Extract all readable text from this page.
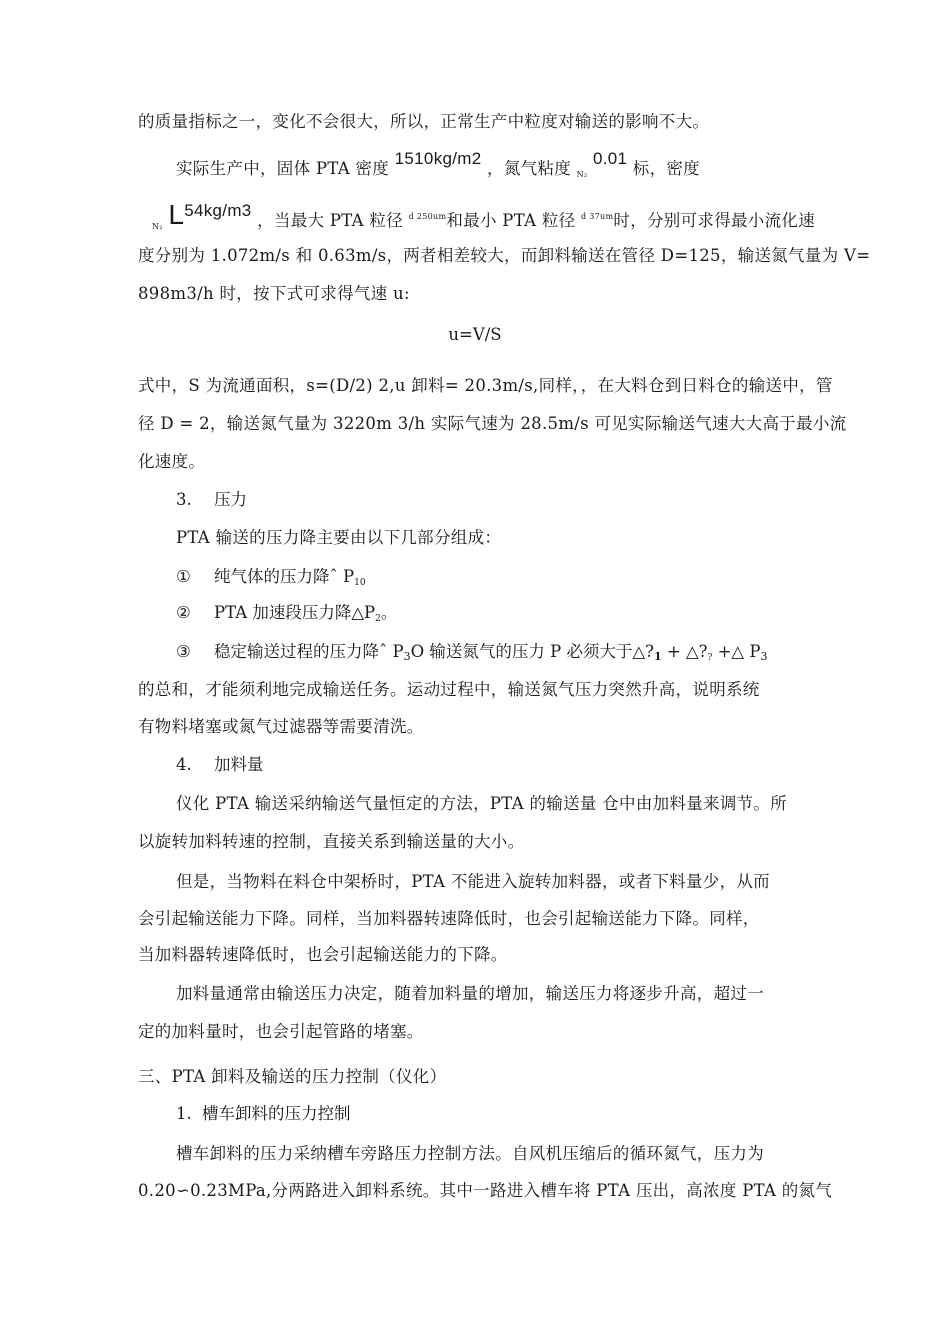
的质量指标之一，变化不会很大，所以，正常生产中粒度对输送的影响不大。
实际生产中，固体 PTA 密度 1510kg/m2 ，氮气粘度 N₂ 0.01 标，密度
N₂ L54kg/m3 ，当最大 PTA 粒径 $^{d 250um}$和最小 PTA 粒径 $^{d 37um}$时，分别可求得最小流化速
度分别为 1.072m/s 和 0.63m/s，两者相差较大，而卸料输送在管径 D=125，输送氮气量为 V=
898m3/h 时，按下式可求得气速 u:
u=V/S
式中，S 为流通面积，s=(D/2) 2,u 卸料= 20.3m/s,同样，，在大料仓到日料仓的输送中，管
径 D = 2，输送氮气量为 3220m 3/h 实际气速为 28.5m/s 可见实际输送气速大大高于最小流
化速度。
3. 压力
PTA 输送的压力降主要由以下几部分组成：
① 纯气体的压力降ˆ P10
② PTA 加速段压力降△P2。
③ 稳定输送过程的压力降ˆ P3O 输送氮气的压力 P 必须大于△?1 + △?? +△ P3
的总和，才能须利地完成输送任务。运动过程中，输送氮气压力突然升高，说明系统
有物料堵塞或氮气过滤器等需要清洗。
4. 加料量
仪化 PTA 输送采纳输送气量恒定的方法，PTA 的输送量 仓中由加料量来调节。所
以旋转加料转速的控制，直接关系到输送量的大小。
但是，当物料在料仓中架桥时，PTA 不能进入旋转加料器，或者下料量少，从而
会引起输送能力下降。同样，当加料器转速降低时，也会引起输送能力下降。同样，
当加料器转速降低时，也会引起输送能力的下降。
加料量通常由输送压力决定，随着加料量的增加，输送压力将逐步升高，超过一
定的加料量时，也会引起管路的堵塞。
三、PTA 卸料及输送的压力控制（仪化）
1. 槽车卸料的压力控制
槽车卸料的压力采纳槽车旁路压力控制方法。自风机压缩后的循环氮气，压力为
0.20∽0.23MPa,分两路进入卸料系统。其中一路进入槽车将 PTA 压出，高浓度 PTA 的氮气
